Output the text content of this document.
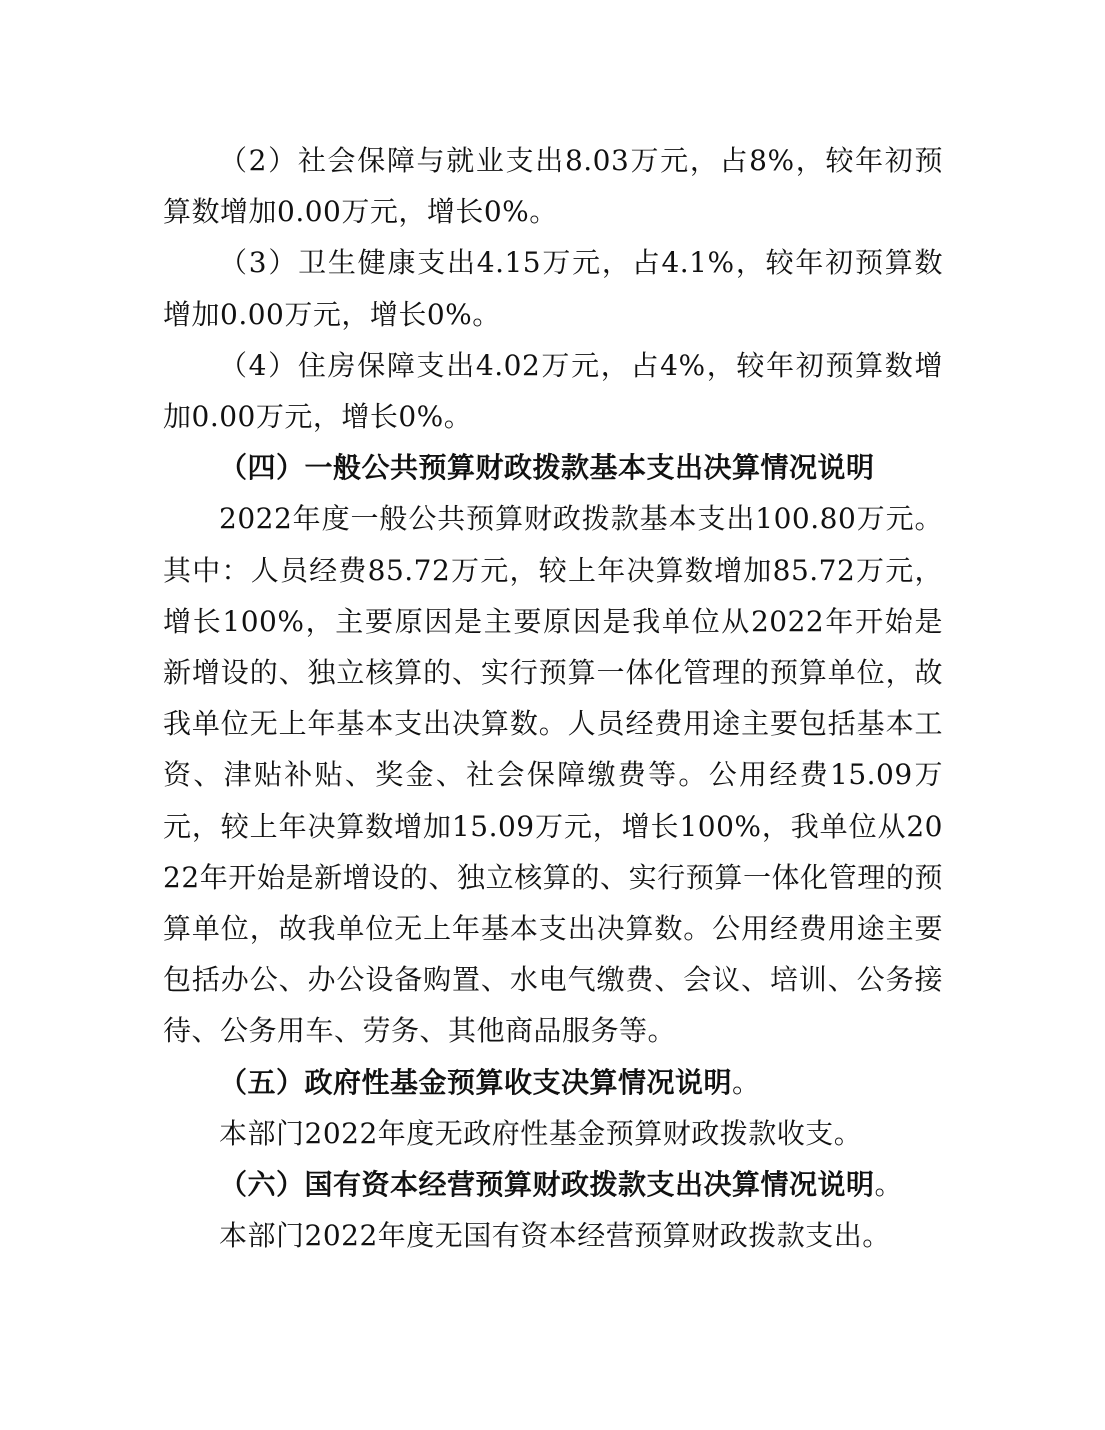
（2）社会保障与就业支出8.03万元，占8%，较年初预算数增加0.00万元，增长0%。

（3）卫生健康支出4.15万元，占4.1%，较年初预算数增加0.00万元，增长0%。

（4）住房保障支出4.02万元，占4%，较年初预算数增加0.00万元，增长0%。

（四）一般公共预算财政拨款基本支出决算情况说明

2022年度一般公共预算财政拨款基本支出100.80万元。其中：人员经费85.72万元，较上年决算数增加85.72万元，增长100%，主要原因是主要原因是我单位从2022年开始是新增设的、独立核算的、实行预算一体化管理的预算单位，故我单位无上年基本支出决算数。人员经费用途主要包括基本工资、津贴补贴、奖金、社会保障缴费等。公用经费15.09万元，较上年决算数增加15.09万元，增长100%，我单位从2022年开始是新增设的、独立核算的、实行预算一体化管理的预算单位，故我单位无上年基本支出决算数。公用经费用途主要包括办公、办公设备购置、水电气缴费、会议、培训、公务接待、公务用车、劳务、其他商品服务等。

（五）政府性基金预算收支决算情况说明。

本部门2022年度无政府性基金预算财政拨款收支。

（六）国有资本经营预算财政拨款支出决算情况说明。

本部门2022年度无国有资本经营预算财政拨款支出。
